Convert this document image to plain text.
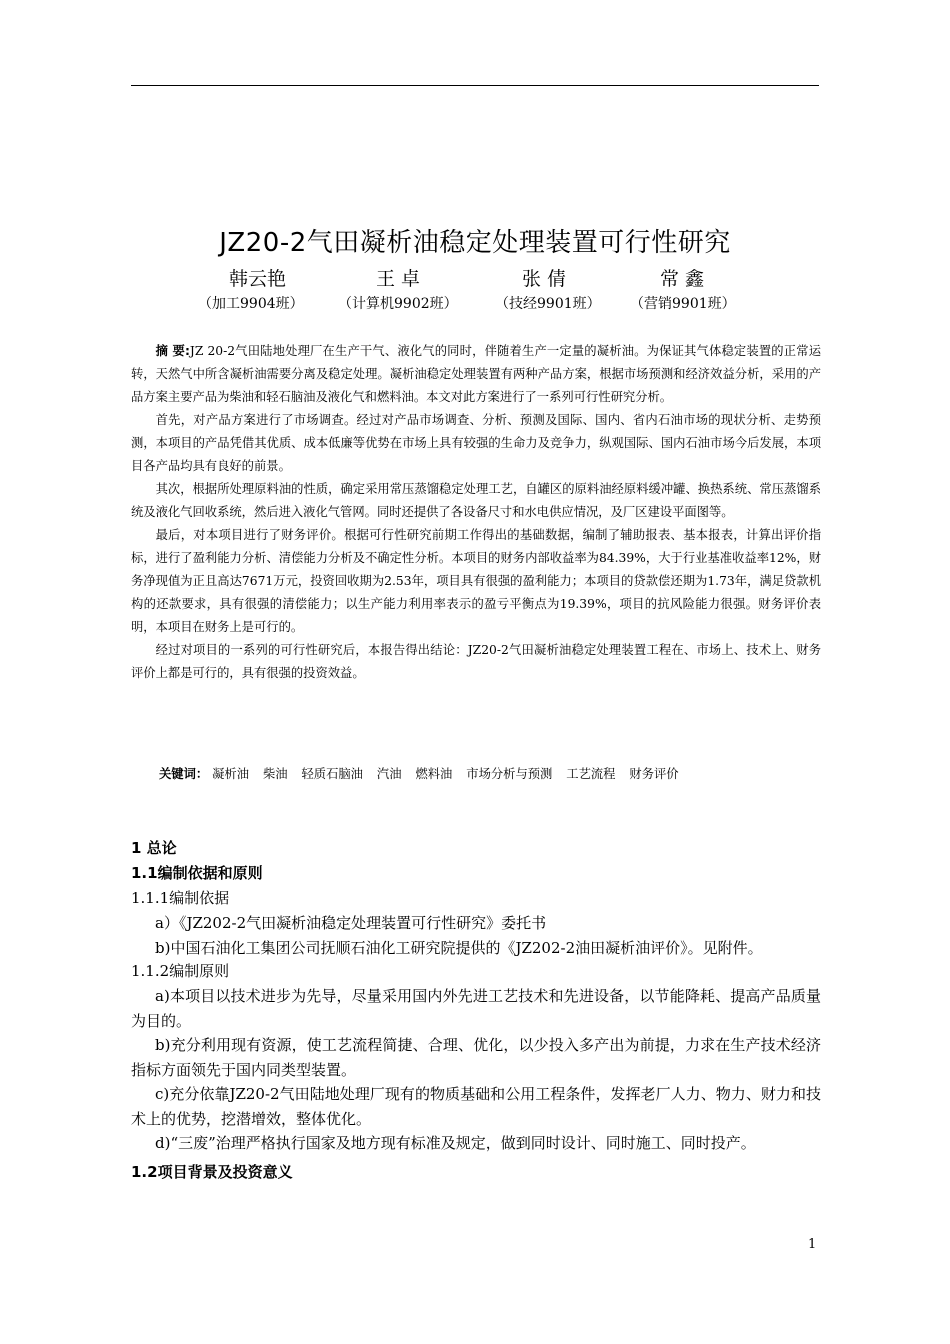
JZ20-2气田凝析油稳定处理装置可行性研究
韩云艳	王 卓	张 倩	常 鑫
（加工9904班） （计算机9902班）	（技经9901班） （营销9901班）

摘 要:JZ 20-2气田陆地处理厂在生产干气、液化气的同时，伴随着生产一定量的凝析油。为保证其气体稳定装置的正常运转，天然气中所含凝析油需要分离及稳定处理。凝析油稳定处理装置有两种产品方案，根据市场预测和经济效益分析，采用的产品方案主要产品为柴油和轻石脑油及液化气和燃料油。本文对此方案进行了一系列可行性研究分析。

首先，对产品方案进行了市场调查。经过对产品市场调查、分析、预测及国际、国内、省内石油市场的现状分析、走势预测，本项目的产品凭借其优质、成本低廉等优势在市场上具有较强的生命力及竞争力，纵观国际、国内石油市场今后发展，本项目各产品均具有良好的前景。

其次，根据所处理原料油的性质，确定采用常压蒸馏稳定处理工艺，自罐区的原料油经原料缓冲罐、换热系统、常压蒸馏系统及液化气回收系统，然后进入液化气管网。同时还提供了各设备尺寸和水电供应情况，及厂区建设平面图等。

最后，对本项目进行了财务评价。根据可行性研究前期工作得出的基础数据，编制了辅助报表、基本报表，计算出评价指标，进行了盈利能力分析、清偿能力分析及不确定性分析。本项目的财务内部收益率为84.39%，大于行业基准收益率12%，财务净现值为正且高达7671万元，投资回收期为2.53年，项目具有很强的盈利能力；本项目的贷款偿还期为1.73年，满足贷款机构的还款要求，具有很强的清偿能力；以生产能力利用率表示的盈亏平衡点为19.39%，项目的抗风险能力很强。财务评价表明，本项目在财务上是可行的。

经过对项目的一系列的可行性研究后，本报告得出结论：JZ20-2气田凝析油稳定处理装置工程在、市场上、技术上、财务评价上都是可行的，具有很强的投资效益。

关键词： 凝析油 柴油 轻质石脑油 汽油 燃料油 市场分析与预测 工艺流程 财务评价
1 总论
1.1编制依据和原则
1.1.1编制依据

a）《JZ202-2气田凝析油稳定处理装置可行性研究》委托书

b)中国石油化工集团公司抚顺石油化工研究院提供的《JZ202-2油田凝析油评价》。见附件。

1.1.2编制原则

a)本项目以技术进步为先导，尽量采用国内外先进工艺技术和先进设备，以节能降耗、提高产品质量为目的。

b)充分利用现有资源，使工艺流程简捷、合理、优化，以少投入多产出为前提，力求在生产技术经济指标方面领先于国内同类型装置。

c)充分依靠JZ20-2气田陆地处理厂现有的物质基础和公用工程条件，发挥老厂人力、物力、财力和技术上的优势，挖潜增效，整体优化。

d)“三废”治理严格执行国家及地方现有标准及规定，做到同时设计、同时施工、同时投产。

1.2项目背景及投资意义
1
